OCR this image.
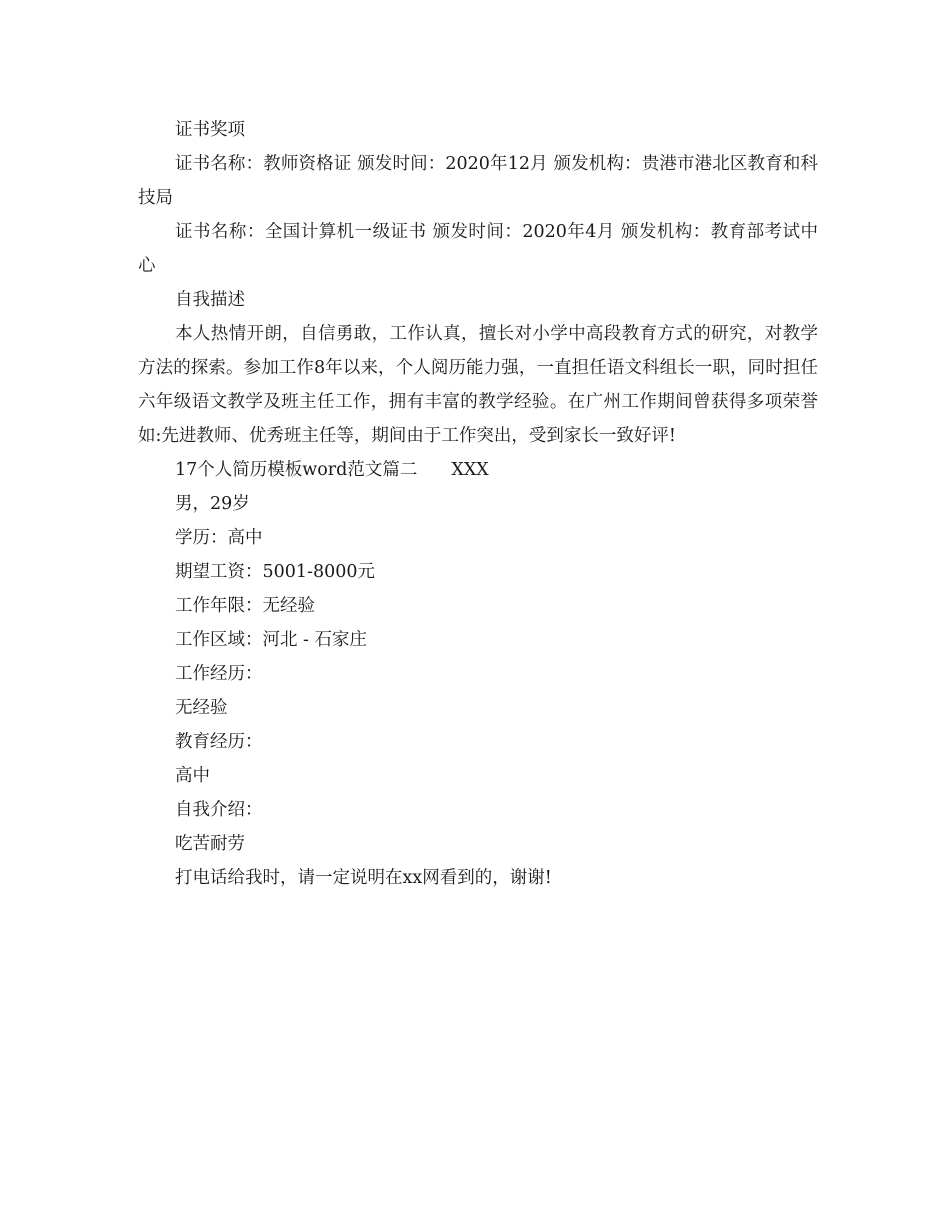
证书奖项

证书名称：教师资格证 颁发时间：2020年12月 颁发机构：贵港市港北区教育和科技局

证书名称：全国计算机一级证书 颁发时间：2020年4月 颁发机构：教育部考试中心

自我描述

本人热情开朗，自信勇敢，工作认真，擅长对小学中高段教育方式的研究，对教学方法的探索。参加工作8年以来，个人阅历能力强，一直担任语文科组长一职，同时担任六年级语文教学及班主任工作，拥有丰富的教学经验。在广州工作期间曾获得多项荣誉如:先进教师、优秀班主任等，期间由于工作突出，受到家长一致好评!

17个人简历模板word范文篇二 XXX

男，29岁

学历：高中

期望工资：5001-8000元

工作年限：无经验

工作区域：河北 - 石家庄

工作经历：

无经验

教育经历：

高中

自我介绍：

吃苦耐劳

打电话给我时，请一定说明在xx网看到的，谢谢!
